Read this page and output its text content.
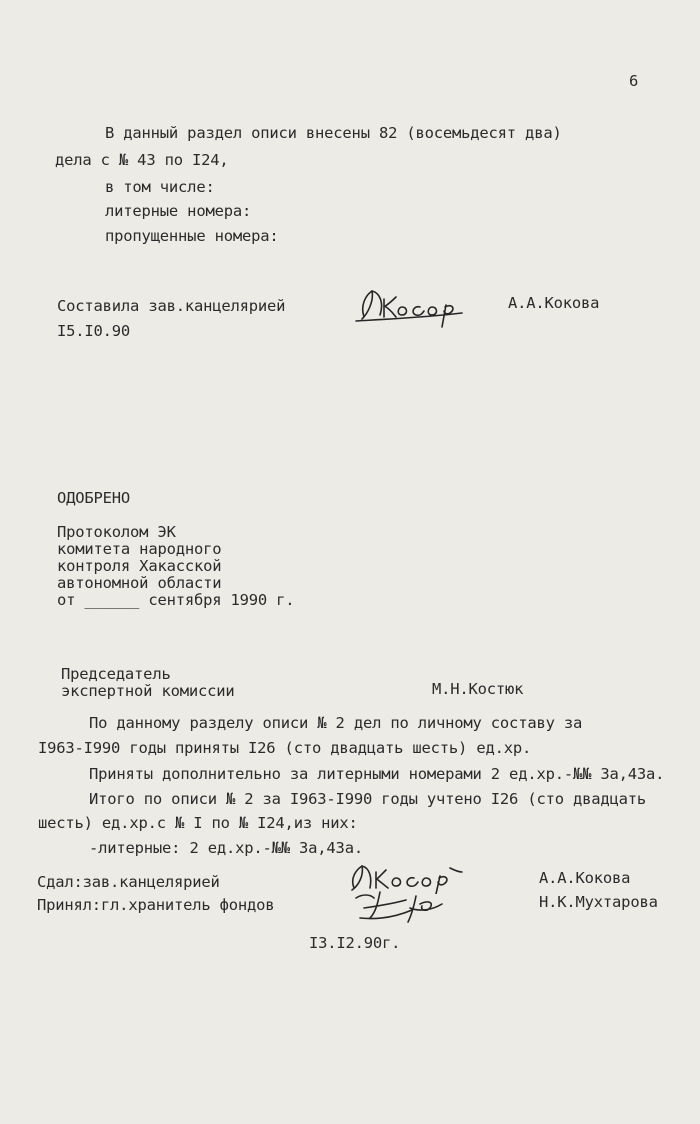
6
В данный раздел описи внесены 82 (восемьдесят два)
дела с № 43 по I24,
в том числе:
литерные номера:
пропущенные номера:
Составила зав.канцелярией
I5.I0.90
А.А.Кокова
ОДОБРЕНО
Протоколом ЭК
комитета народного
контроля Хакасской
автономной области
от ______ сентября 1990 г.
Председатель
экспертной комиссии	М.Н.Костюк
По данному разделу описи № 2 дел по личному составу за
I963-I990 годы приняты I26 (сто двадцать шесть) ед.хр.
Приняты дополнительно за литерными номерами 2 ед.хр.-№№ 3а,43а.
Итого по описи № 2 за I963-I990 годы учтено I26 (сто двадцать
шесть) ед.хр.с № I по № I24,из них:
-литерные: 2 ед.хр.-№№ 3а,43а.
Сдал:зав.канцелярией
Принял:гл.хранитель фондов
А.А.Кокова
Н.К.Мухтарова
I3.I2.90г.
